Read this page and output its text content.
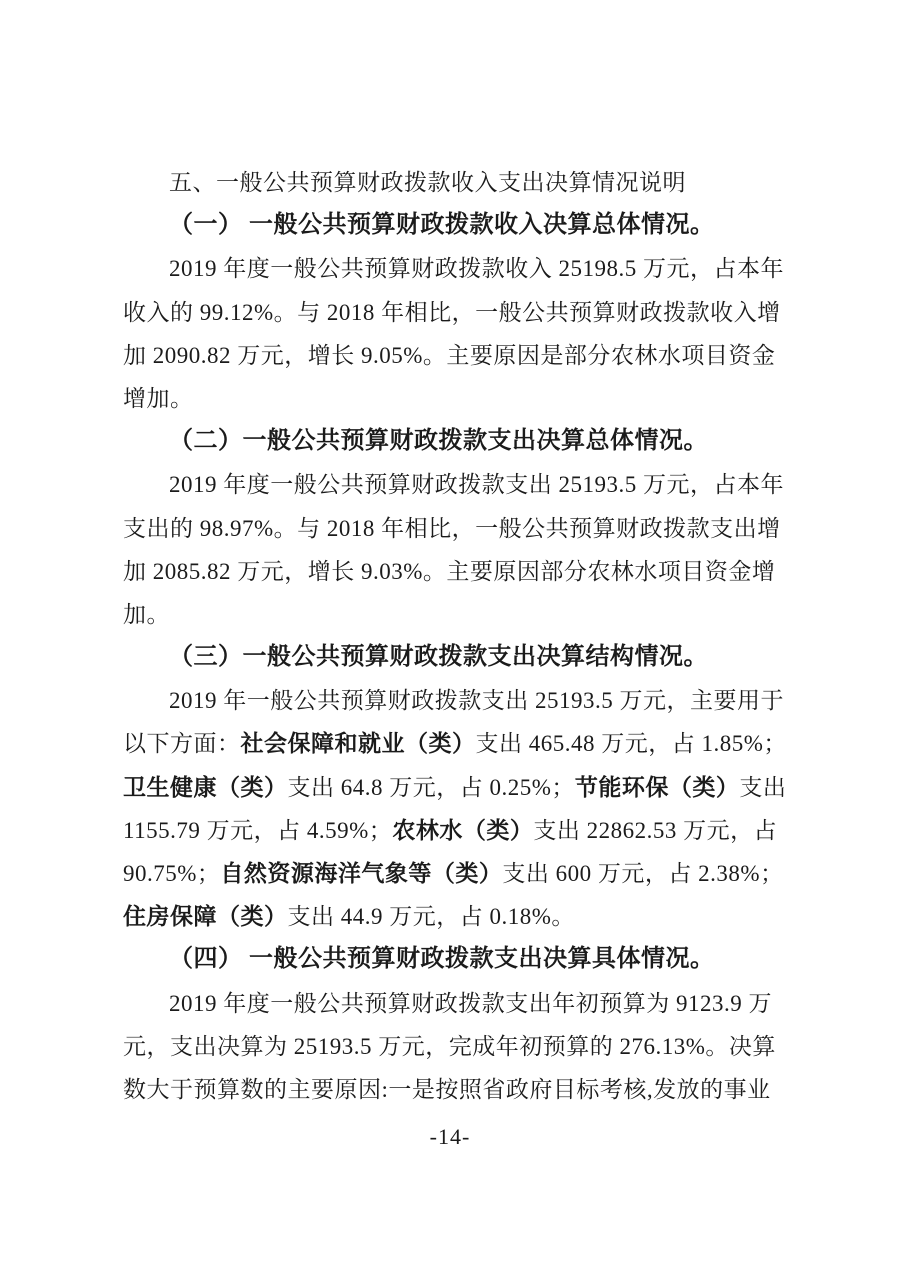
五、一般公共预算财政拨款收入支出决算情况说明
（一） 一般公共预算财政拨款收入决算总体情况。
2019 年度一般公共预算财政拨款收入 25198.5 万元，占本年
收入的 99.12%。与 2018 年相比，一般公共预算财政拨款收入增
加 2090.82 万元，增长 9.05%。主要原因是部分农林水项目资金
增加。
（二）一般公共预算财政拨款支出决算总体情况。
2019 年度一般公共预算财政拨款支出 25193.5 万元，占本年
支出的 98.97%。与 2018 年相比，一般公共预算财政拨款支出增
加 2085.82 万元，增长 9.03%。主要原因部分农林水项目资金增
加。
（三）一般公共预算财政拨款支出决算结构情况。
2019 年一般公共预算财政拨款支出 25193.5 万元，主要用于
以下方面：社会保障和就业（类）支出 465.48 万元，占 1.85%；
卫生健康（类）支出 64.8 万元，占 0.25%；节能环保（类）支出
1155.79 万元，占 4.59%；农林水（类）支出 22862.53 万元，占
90.75%；自然资源海洋气象等（类）支出 600 万元，占 2.38%；
住房保障（类）支出 44.9 万元，占 0.18%。
（四） 一般公共预算财政拨款支出决算具体情况。
2019 年度一般公共预算财政拨款支出年初预算为 9123.9 万
元，支出决算为 25193.5 万元，完成年初预算的 276.13%。决算
数大于预算数的主要原因:一是按照省政府目标考核,发放的事业
-14-
